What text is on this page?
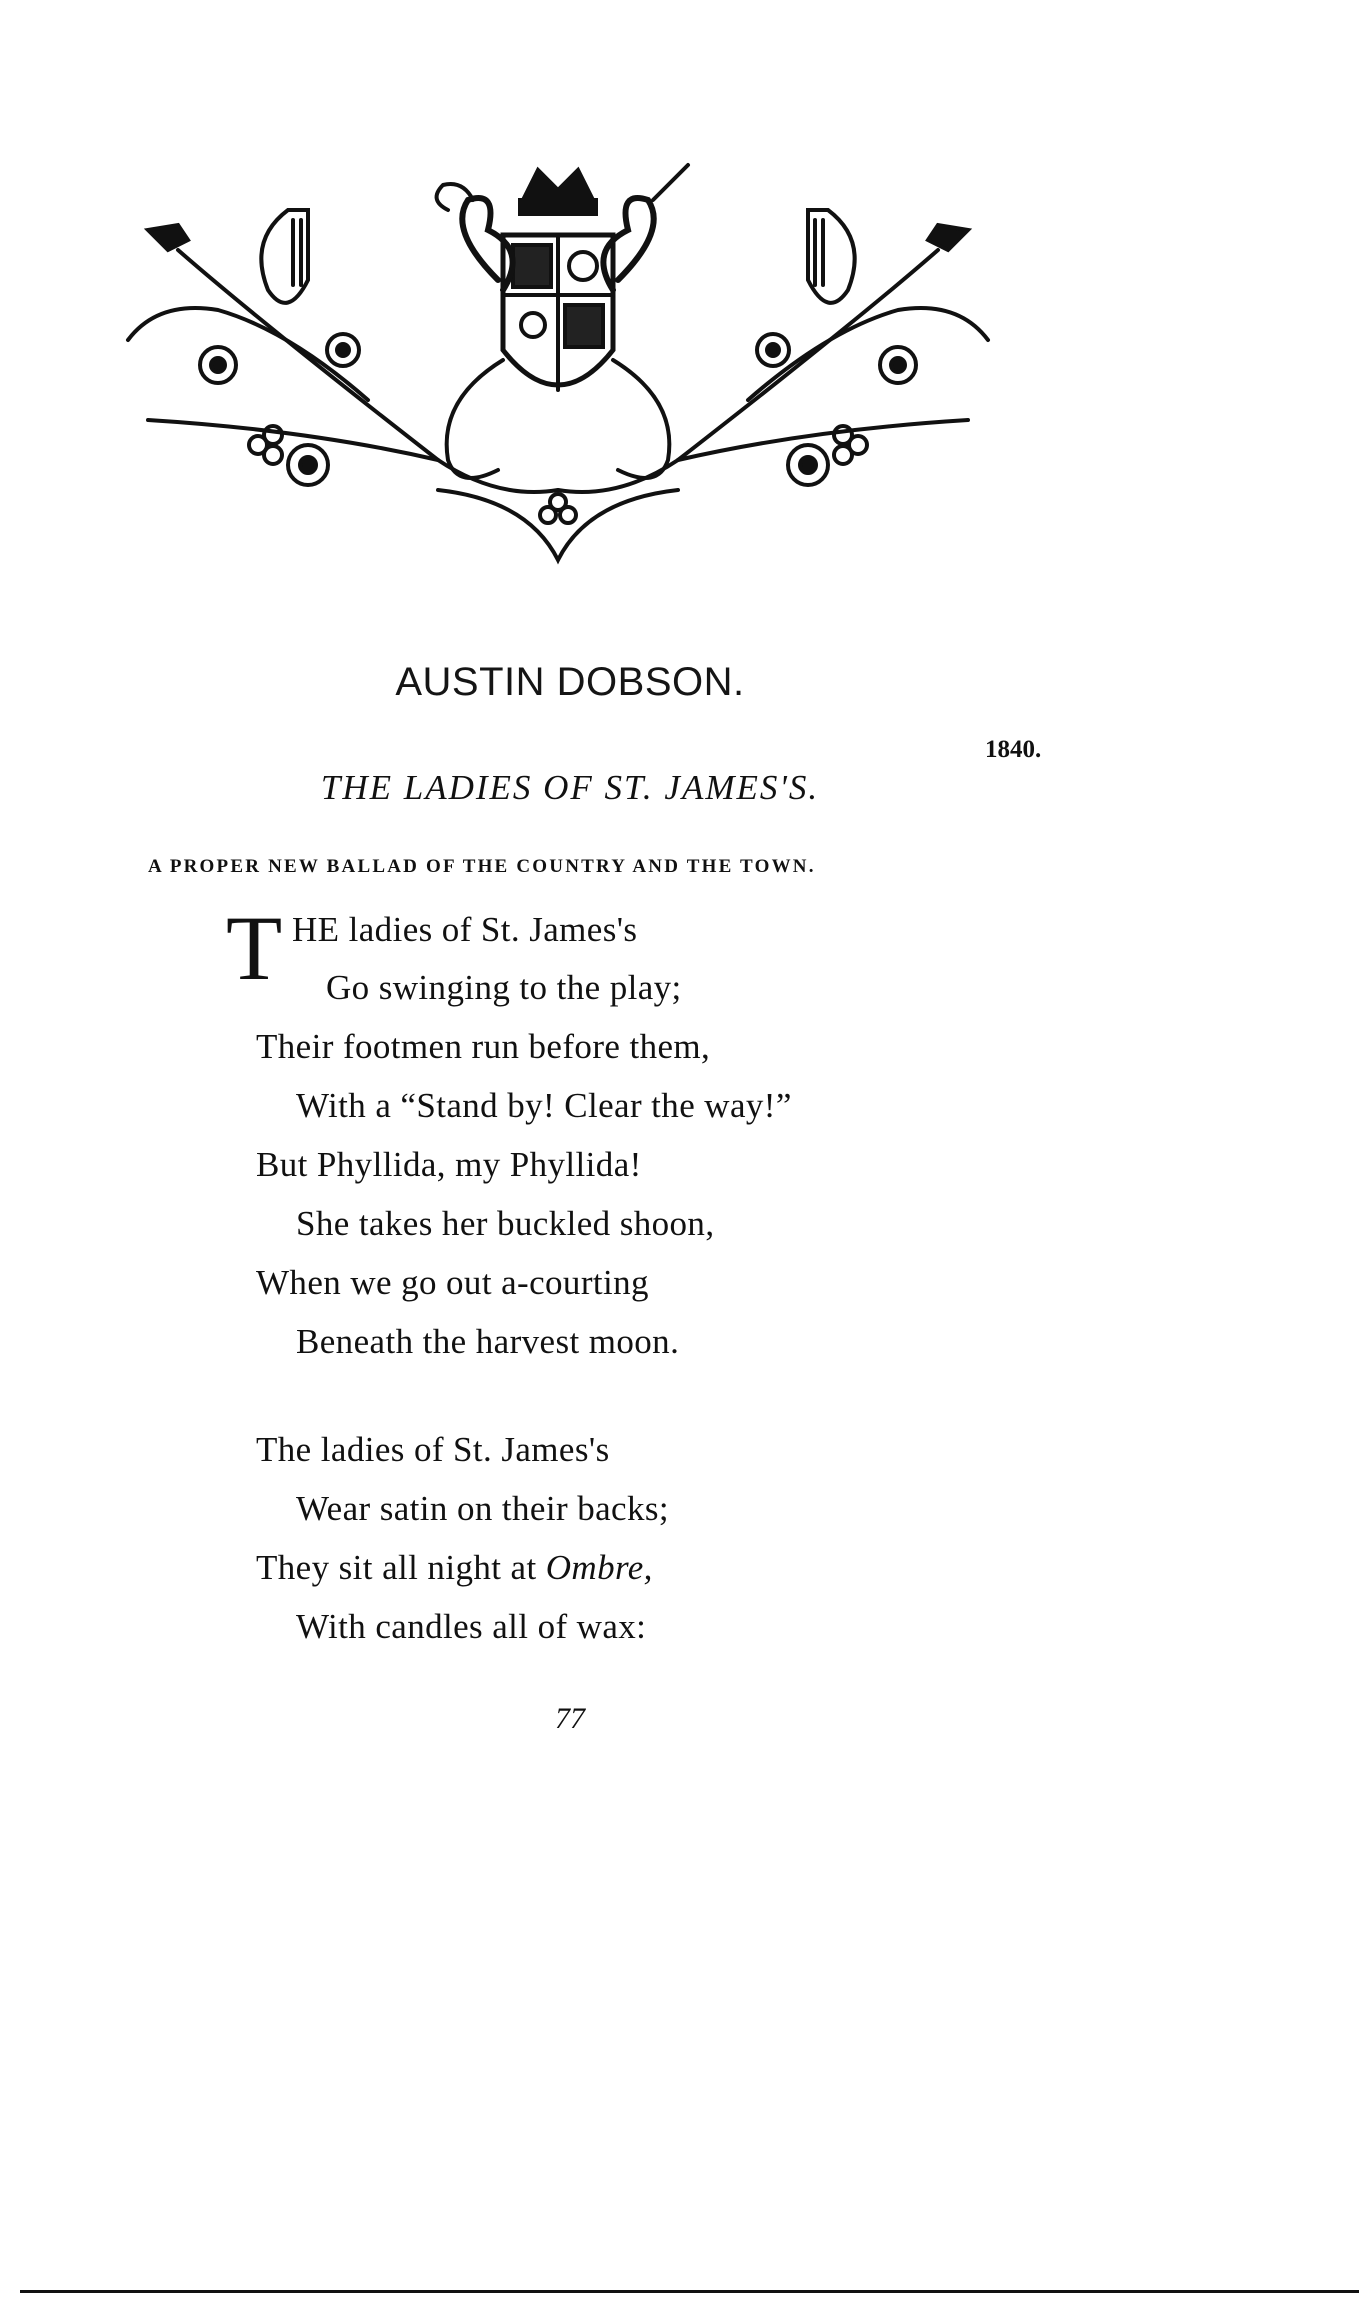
AUSTIN DOBSON.
1840.
THE LADIES OF ST. JAMES'S.
A PROPER NEW BALLAD OF THE COUNTRY AND THE TOWN.
T HE ladies of St. James's
Go swinging to the play;
Their footmen run before them,
With a “Stand by! Clear the way!”
But Phyllida, my Phyllida!
She takes her buckled shoon,
When we go out a-courting
Beneath the harvest moon.
The ladies of St. James's
Wear satin on their backs;
They sit all night at Ombre,
With candles all of wax:
77
